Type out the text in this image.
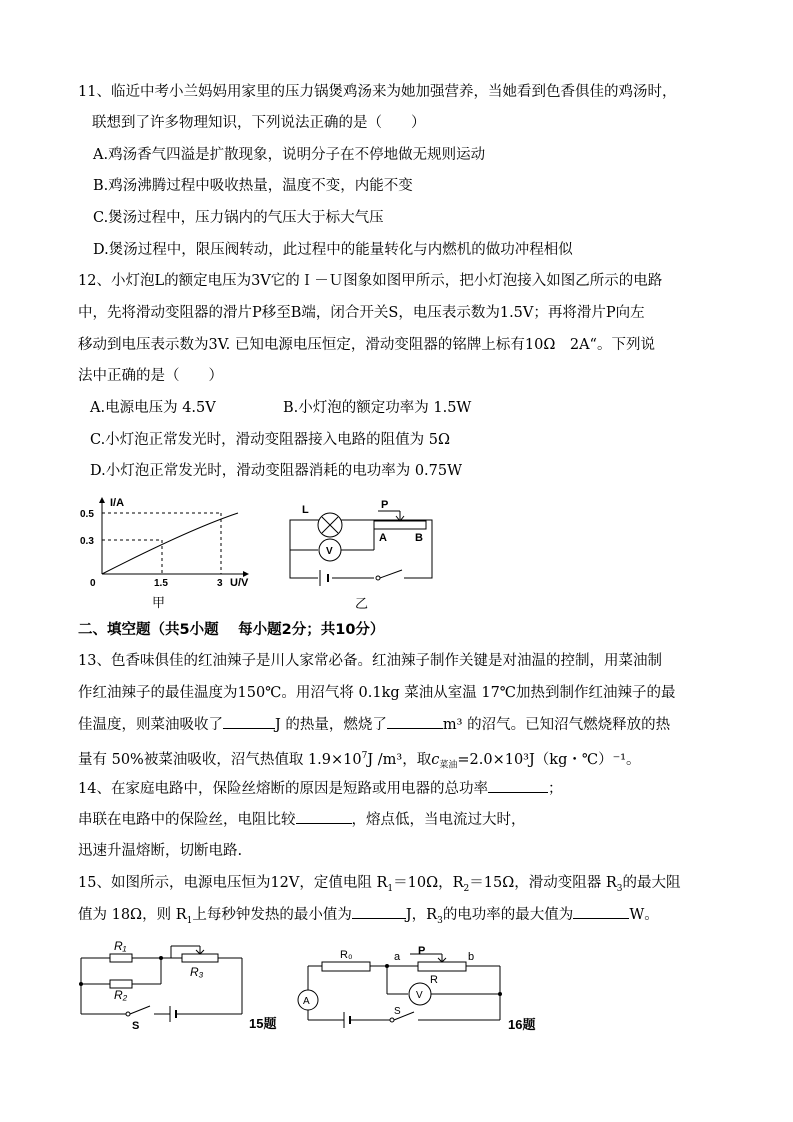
11、临近中考小兰妈妈用家里的压力锅煲鸡汤来为她加强营养，当她看到色香俱佳的鸡汤时，
联想到了许多物理知识，下列说法正确的是（　　）
A.鸡汤香气四溢是扩散现象，说明分子在不停地做无规则运动
B.鸡汤沸腾过程中吸收热量，温度不变，内能不变
C.煲汤过程中，压力锅内的气压大于标大气压
D.煲汤过程中，限压阀转动，此过程中的能量转化与内燃机的做功冲程相似
12、小灯泡L的额定电压为3V它的Ｉ－Ｕ图象如图甲所示，把小灯泡接入如图乙所示的电路
中，先将滑动变阻器的滑片P移至B端，闭合开关S，电压表示数为1.5V；再将滑片P向左
移动到电压表示数为3V. 已知电源电压恒定，滑动变阻器的铭牌上标有10Ω　2A“。下列说
法中正确的是（　　）
A.电源电压为 4.5V	B.小灯泡的额定功率为 1.5W
C.小灯泡正常发光时，滑动变阻器接入电路的阻值为 5Ω
D.小灯泡正常发光时，滑动变阻器消耗的电功率为 0.75W
I/A
0.5
0.3
0	1.5	3 U/V
甲
L	P
A	B
V
乙
二、填空题（共5小题　 每小题2分；共10分）
13、色香味俱佳的红油辣子是川人家常必备。红油辣子制作关键是对油温的控制，用菜油制
作红油辣子的最佳温度为150℃。用沼气将 0.1kg 菜油从室温 17℃加热到制作红油辣子的最
佳温度，则菜油吸收了	J 的热量，燃烧了	m³ 的沼气。已知沼气燃烧释放的热
量有 50%被菜油吸收，沼气热值取 $1.9\times 10^7J$ /m³，取$c_{菜油}=2.0\times 10^3J(kg$・℃）⁻¹。
14、在家庭电路中，保险丝熔断的原因是短路或用电器的总功率	；
串联在电路中的保险丝，电阻比较	，熔点低，当电流过大时，
迅速升温熔断，切断电路.
15、如图所示，电源电压恒为12V，定值电阻 $R_1=10\Omega$，$R_2=15\Omega$，滑动变阻器 $R_3$的最大阻
值为 18Ω，则 $R_1$上每秒钟发热的最小值为	J，$R_3$的电功率的最大值为	W。
R₁
R₂
R₃
S	15题
R₀	a P	b
R
A
V
S
16题
